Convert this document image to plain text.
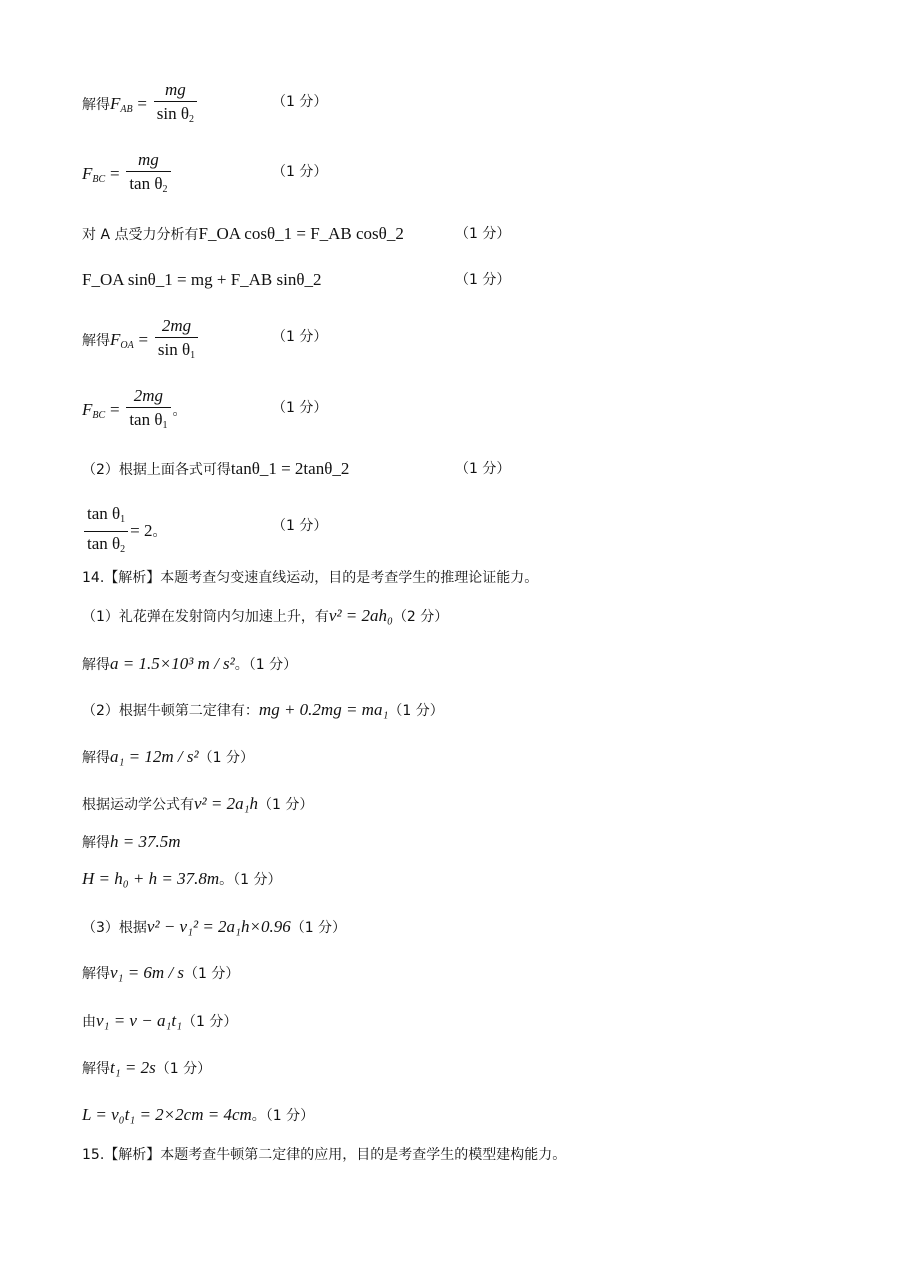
解得$F_{AB} = \frac{mg}{\sin \theta_2}$	（1 分）
$F_{BC} = \frac{mg}{\tan \theta_2}$	（1 分）
对 A 点受力分析有F_OA cosθ_1 = F_AB cosθ_2	（1 分）
F_OA sinθ_1 = mg + F_AB sinθ_2	（1 分）
解得$F_{OA} = \frac{2mg}{\sin \theta_1}$	（1 分）
$F_{BC} = \frac{2mg}{\tan \theta_1}$ 。	（1 分）
（2）根据上面各式可得tanθ_1 = 2tanθ_2	（1 分）
$\frac{\tan \theta_1}{\tan \theta_2} = 2$。	（1 分）
14.【解析】本题考查匀变速直线运动，目的是考查学生的推理论证能力。
（1）礼花弹在发射筒内匀加速上升，有v² = 2ah₀（2 分）
解得a = 1.5×10³ m / s²。（1 分）
（2）根据牛顿第二定律有：mg + 0.2mg = ma₁（1 分）
解得a₁ = 12m / s²（1 分）
根据运动学公式有v² = 2a₁h（1 分）
解得h = 37.5m
H = h₀ + h = 37.8m。（1 分）
（3）根据v² − v₁² = 2a₁h×0.96（1 分）
解得v₁ = 6m / s（1 分）
由v₁ = v − a₁t₁（1 分）
解得t₁ = 2s（1 分）
L = v₀t₁ = 2×2cm = 4cm。（1 分）
15.【解析】本题考查牛顿第二定律的应用，目的是考查学生的模型建构能力。
